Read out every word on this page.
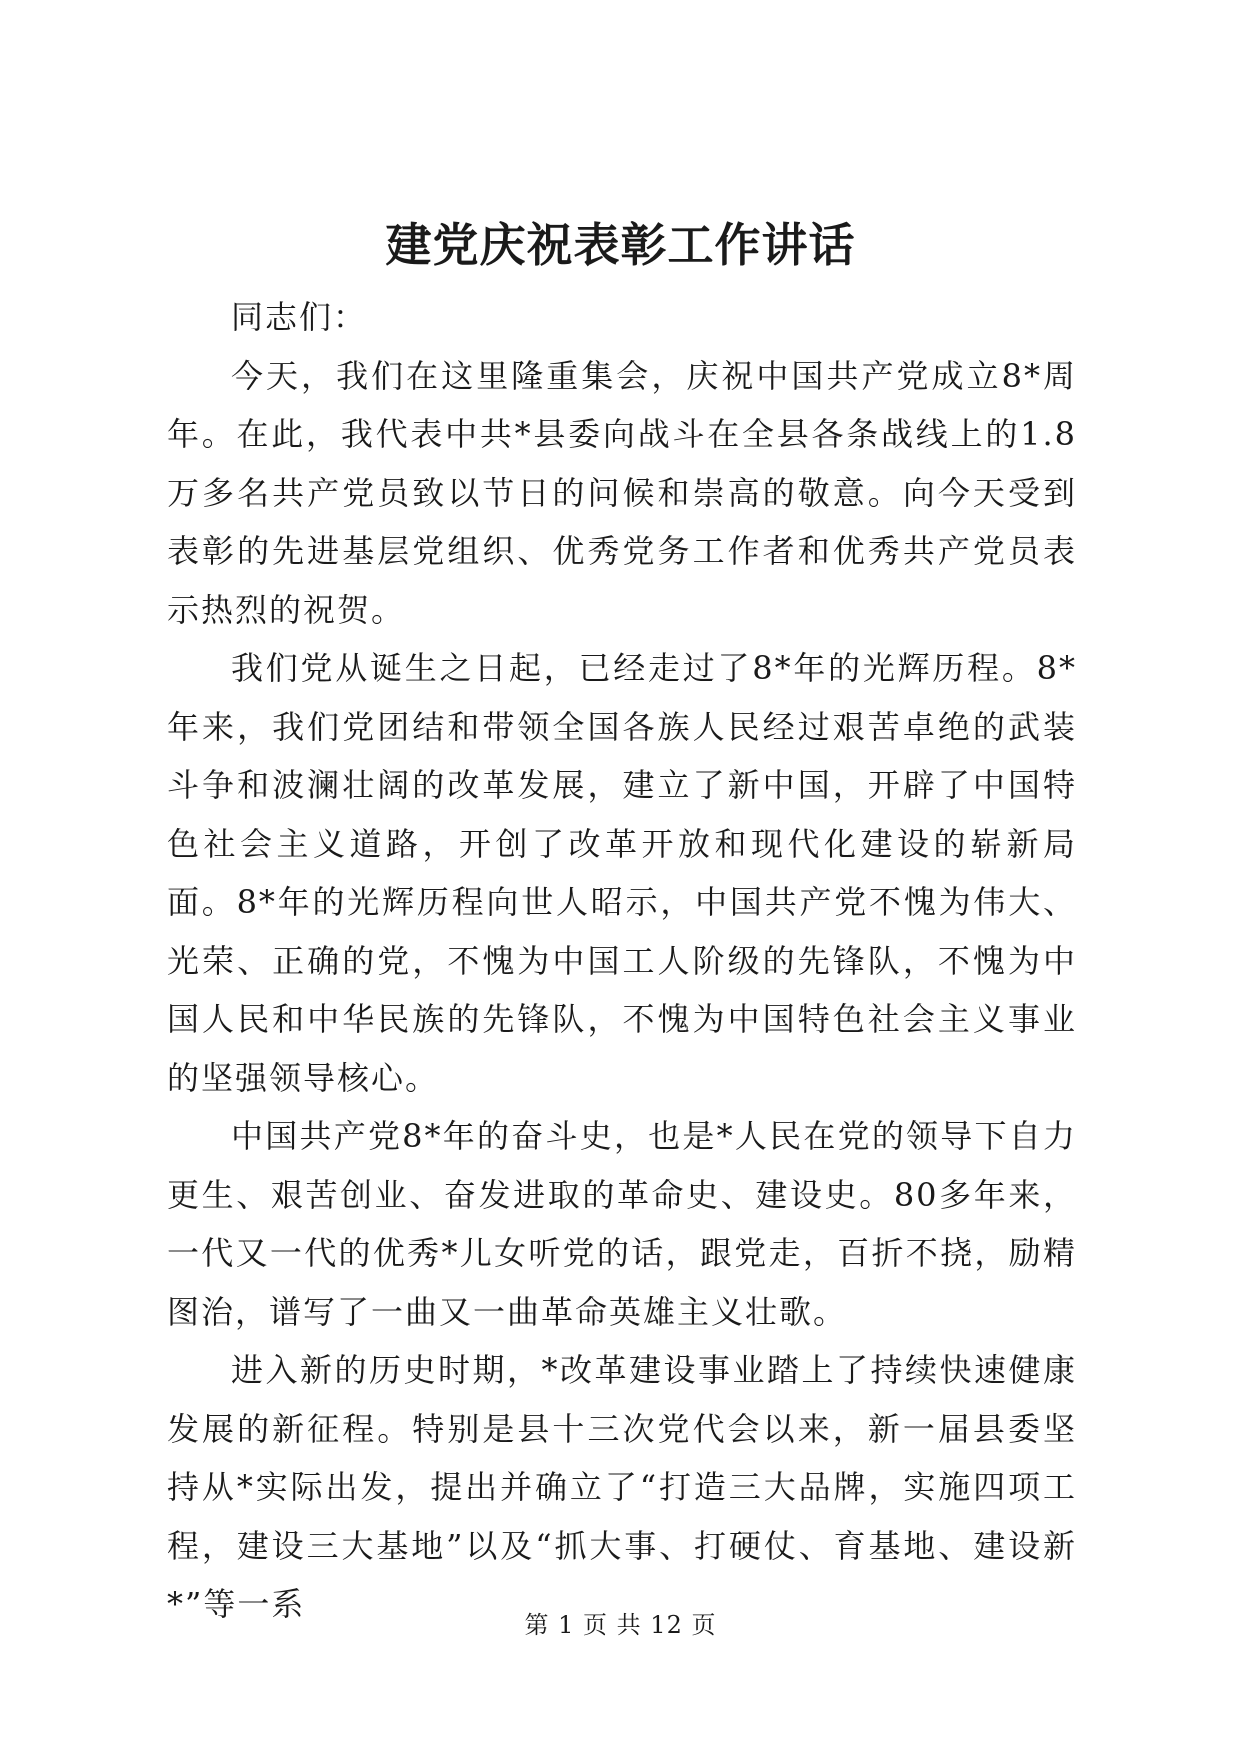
建党庆祝表彰工作讲话

同志们：

今天，我们在这里隆重集会，庆祝中国共产党成立8*周年。在此，我代表中共*县委向战斗在全县各条战线上的1.8万多名共产党员致以节日的问候和崇高的敬意。向今天受到表彰的先进基层党组织、优秀党务工作者和优秀共产党员表示热烈的祝贺。

我们党从诞生之日起，已经走过了8*年的光辉历程。8*年来，我们党团结和带领全国各族人民经过艰苦卓绝的武装斗争和波澜壮阔的改革发展，建立了新中国，开辟了中国特色社会主义道路，开创了改革开放和现代化建设的崭新局面。8*年的光辉历程向世人昭示，中国共产党不愧为伟大、光荣、正确的党，不愧为中国工人阶级的先锋队，不愧为中国人民和中华民族的先锋队，不愧为中国特色社会主义事业的坚强领导核心。

中国共产党8*年的奋斗史，也是*人民在党的领导下自力更生、艰苦创业、奋发进取的革命史、建设史。80多年来，一代又一代的优秀*儿女听党的话，跟党走，百折不挠，励精图治，谱写了一曲又一曲革命英雄主义壮歌。

进入新的历史时期，*改革建设事业踏上了持续快速健康发展的新征程。特别是县十三次党代会以来，新一届县委坚持从*实际出发，提出并确立了“打造三大品牌，实施四项工程，建设三大基地”以及“抓大事、打硬仗、育基地、建设新*”等一系

第 1 页 共 12 页
